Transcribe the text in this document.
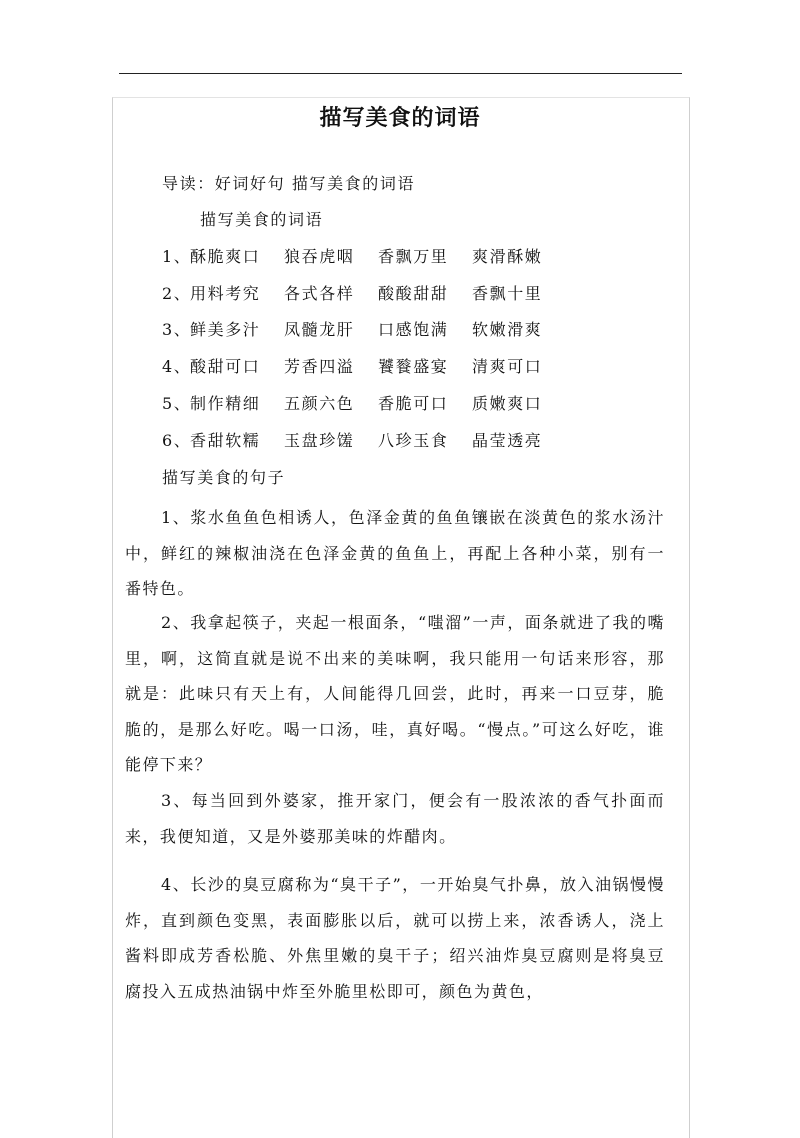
描写美食的词语
导读：好词好句 描写美食的词语
描写美食的词语
1、酥脆爽口 狼吞虎咽 香飘万里 爽滑酥嫩
2、用料考究 各式各样 酸酸甜甜 香飘十里
3、鲜美多汁 凤髓龙肝 口感饱满 软嫩滑爽
4、酸甜可口 芳香四溢 饕餮盛宴 清爽可口
5、制作精细 五颜六色 香脆可口 质嫩爽口
6、香甜软糯 玉盘珍馐 八珍玉食 晶莹透亮
描写美食的句子
1、浆水鱼鱼色相诱人，色泽金黄的鱼鱼镶嵌在淡黄色的浆水汤汁中，鲜红的辣椒油浇在色泽金黄的鱼鱼上，再配上各种小菜，别有一番特色。
2、我拿起筷子，夹起一根面条，“嗤溜”一声，面条就进了我的嘴里，啊，这简直就是说不出来的美味啊，我只能用一句话来形容，那就是：此味只有天上有，人间能得几回尝，此时，再来一口豆芽，脆脆的，是那么好吃。喝一口汤，哇，真好喝。“慢点。”可这么好吃，谁能停下来？
3、每当回到外婆家，推开家门，便会有一股浓浓的香气扑面而来，我便知道，又是外婆那美味的炸醋肉。
4、长沙的臭豆腐称为“臭干子”，一开始臭气扑鼻，放入油锅慢慢炸，直到颜色变黑，表面膨胀以后，就可以捞上来，浓香诱人，浇上酱料即成芳香松脆、外焦里嫩的臭干子；绍兴油炸臭豆腐则是将臭豆腐投入五成热油锅中炸至外脆里松即可，颜色为黄色，
